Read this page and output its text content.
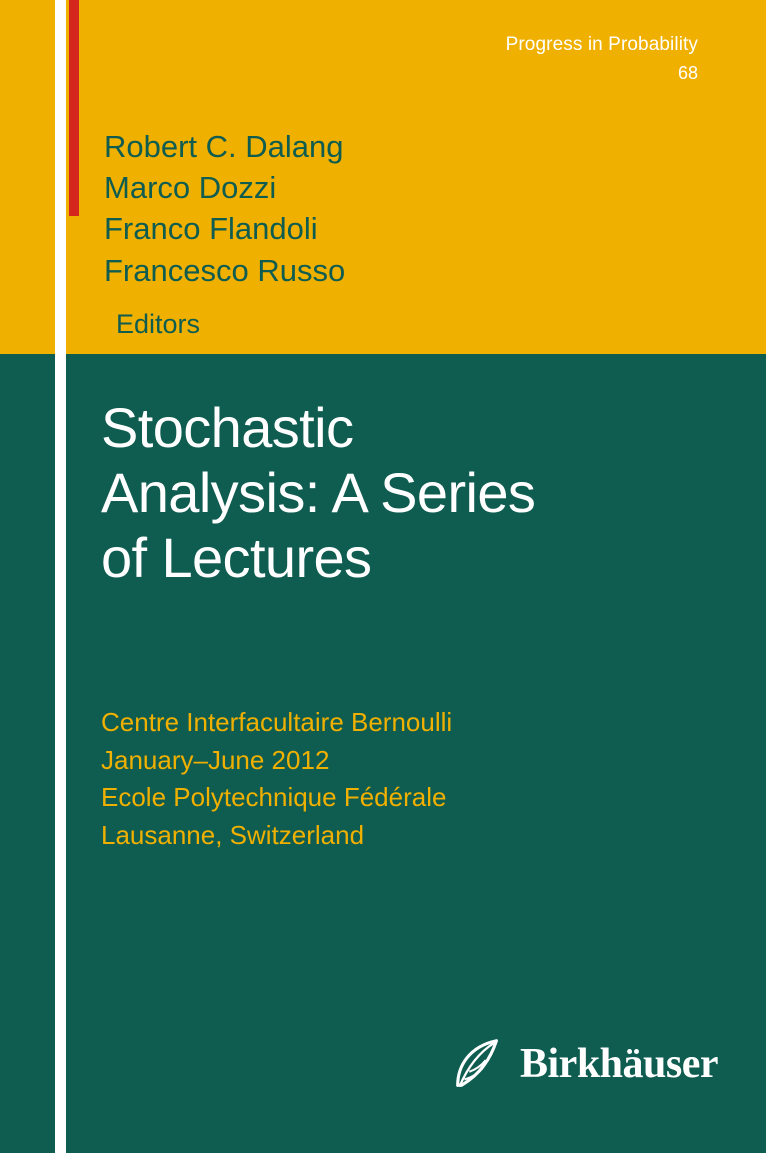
Progress in Probability
68
Robert C. Dalang
Marco Dozzi
Franco Flandoli
Francesco Russo
Editors
Stochastic
Analysis: A Series
of Lectures
Centre Interfacultaire Bernoulli
January–June 2012
Ecole Polytechnique Fédérale
Lausanne, Switzerland
Birkhäuser
